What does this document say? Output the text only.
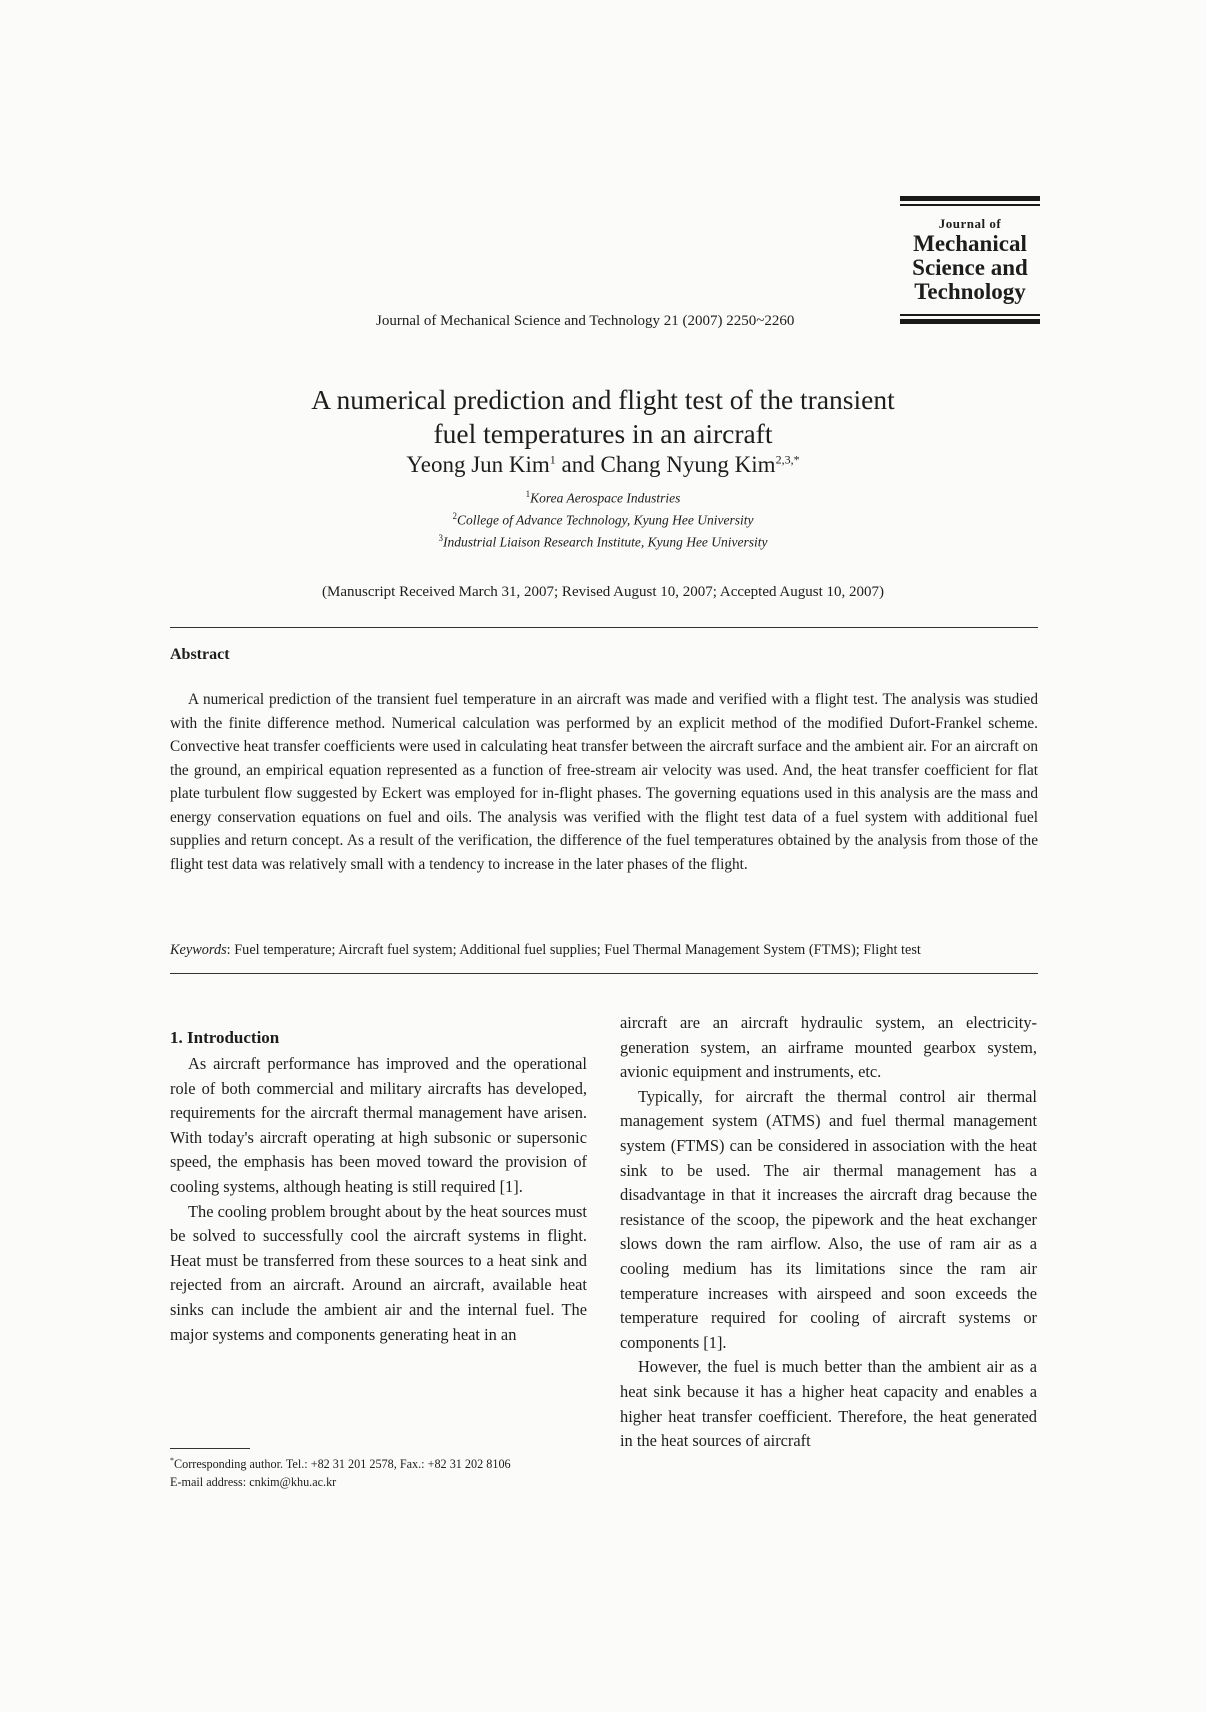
Journal of
Mechanical
Science and
Technology
Journal of Mechanical Science and Technology 21 (2007) 2250~2260
A numerical prediction and flight test of the transient
fuel temperatures in an aircraft
Yeong Jun Kim$^1$ and Chang Nyung Kim$^{2,3,*}$
$^1$Korea Aerospace Industries
$^2$College of Advance Technology, Kyung Hee University
$^3$Industrial Liaison Research Institute, Kyung Hee University
(Manuscript Received March 31, 2007; Revised August 10, 2007; Accepted August 10, 2007)
Abstract
A numerical prediction of the transient fuel temperature in an aircraft was made and verified with a flight test. The analysis was studied with the finite difference method. Numerical calculation was performed by an explicit method of the modified Dufort-Frankel scheme. Convective heat transfer coefficients were used in calculating heat transfer between the aircraft surface and the ambient air. For an aircraft on the ground, an empirical equation represented as a function of free-stream air velocity was used. And, the heat transfer coefficient for flat plate turbulent flow suggested by Eckert was employed for in-flight phases. The governing equations used in this analysis are the mass and energy conservation equations on fuel and oils. The analysis was verified with the flight test data of a fuel system with additional fuel supplies and return concept. As a result of the verification, the difference of the fuel temperatures obtained by the analysis from those of the flight test data was relatively small with a tendency to increase in the later phases of the flight.
Keywords: Fuel temperature; Aircraft fuel system; Additional fuel supplies; Fuel Thermal Management System (FTMS); Flight test
1. Introduction

As aircraft performance has improved and the operational role of both commercial and military aircrafts has developed, requirements for the aircraft thermal management have arisen. With today's aircraft operating at high subsonic or supersonic speed, the emphasis has been moved toward the provision of cooling systems, although heating is still required [1].

The cooling problem brought about by the heat sources must be solved to successfully cool the aircraft systems in flight. Heat must be transferred from these sources to a heat sink and rejected from an aircraft. Around an aircraft, available heat sinks can include the ambient air and the internal fuel. The major systems and components generating heat in an

aircraft are an aircraft hydraulic system, an electricity-generation system, an airframe mounted gearbox system, avionic equipment and instruments, etc.

Typically, for aircraft the thermal control air thermal management system (ATMS) and fuel thermal management system (FTMS) can be considered in association with the heat sink to be used. The air thermal management has a disadvantage in that it increases the aircraft drag because the resistance of the scoop, the pipework and the heat exchanger slows down the ram airflow. Also, the use of ram air as a cooling medium has its limitations since the ram air temperature increases with airspeed and soon exceeds the temperature required for cooling of aircraft systems or components [1].

However, the fuel is much better than the ambient air as a heat sink because it has a higher heat capacity and enables a higher heat transfer coefficient. Therefore, the heat generated in the heat sources of aircraft

*Corresponding author. Tel.: +82 31 201 2578, Fax.: +82 31 202 8106
E-mail address: cnkim@khu.ac.kr
